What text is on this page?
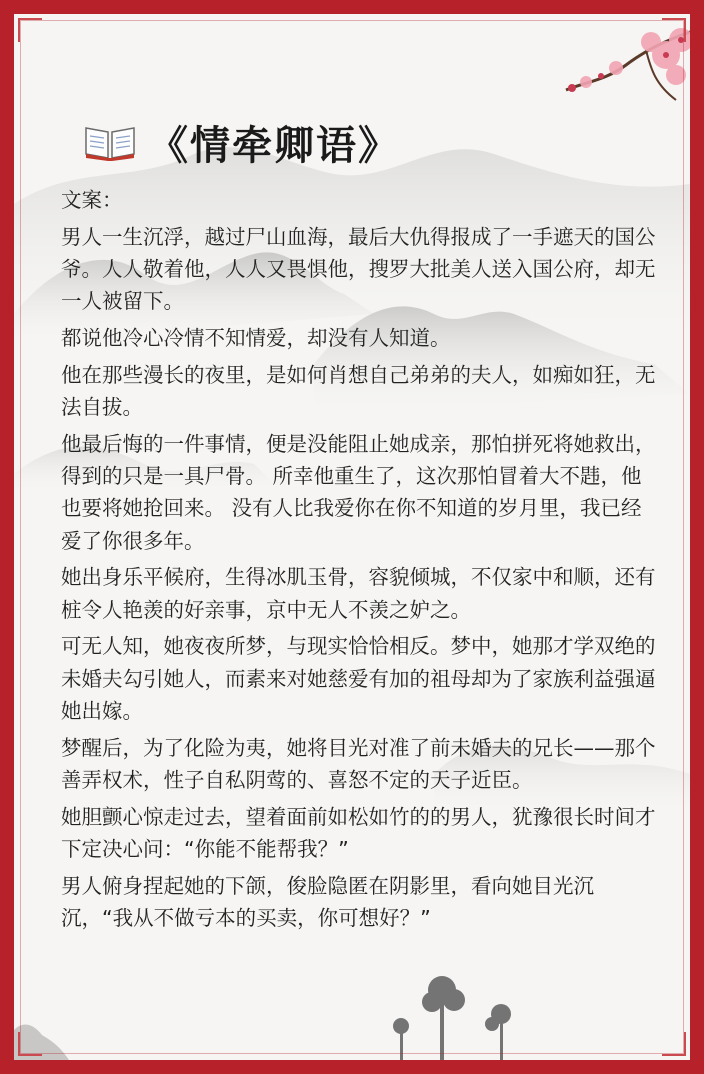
《情牵卿语》

文案：

男人一生沉浮，越过尸山血海，最后大仇得报成了一手遮天的国公爷。人人敬着他，人人又畏惧他，搜罗大批美人送入国公府，却无一人被留下。

都说他冷心冷情不知情爱，却没有人知道。

他在那些漫长的夜里，是如何肖想自己弟弟的夫人，如痴如狂，无法自拔。

他最后悔的一件事情，便是没能阻止她成亲，那怕拼死将她救出，得到的只是一具尸骨。 所幸他重生了，这次那怕冒着大不韪，他也要将她抢回来。 没有人比我爱你在你不知道的岁月里，我已经爱了你很多年。

她出身乐平候府，生得冰肌玉骨，容貌倾城，不仅家中和顺，还有桩令人艳羡的好亲事，京中无人不羡之妒之。

可无人知，她夜夜所梦，与现实恰恰相反。梦中，她那才学双绝的未婚夫勾引她人，而素来对她慈爱有加的祖母却为了家族利益强逼她出嫁。

梦醒后，为了化险为夷，她将目光对准了前未婚夫的兄长——那个善弄权术，性子自私阴莺的、喜怒不定的天子近臣。

她胆颤心惊走过去，望着面前如松如竹的的男人，犹豫很长时间才下定决心问：“你能不能帮我？”

男人俯身捏起她的下颌，俊脸隐匿在阴影里，看向她目光沉沉，“我从不做亏本的买卖，你可想好？”
